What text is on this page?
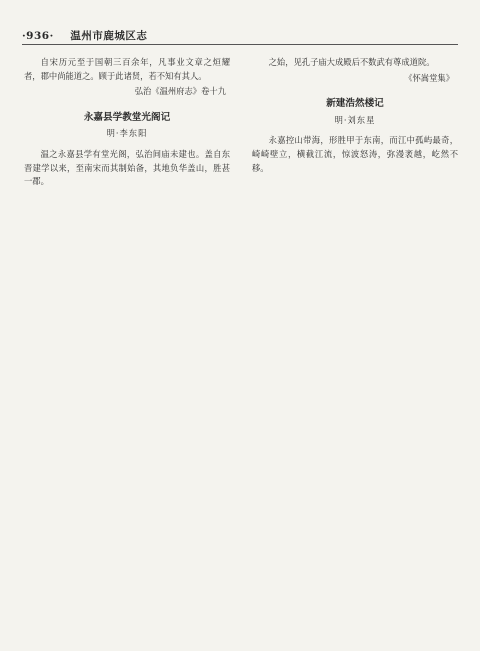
·936· 温州市鹿城区志

自宋历元至于国朝三百余年，凡事业文章之烜耀者，郡中尚能道之。顾于此诸贤，若不知有其人。

弘治《温州府志》卷十九
永嘉县学教堂光阁记
明·李东阳

温之永嘉县学有堂光阁，弘治间庙未建也。盖自东晋建学以来，至南宋而其制始备，其地负华盖山，胜甚一郡。

之始，见孔子庙大成殿后不数武有尊成道院。

《怀嵩堂集》
新建浩然楼记
明·刘东星

永嘉控山带海，形胜甲于东南，而江中孤屿最奇，崎崎壁立，横截江流，惊波怒涛，弥漫袤越，屹然不移。
